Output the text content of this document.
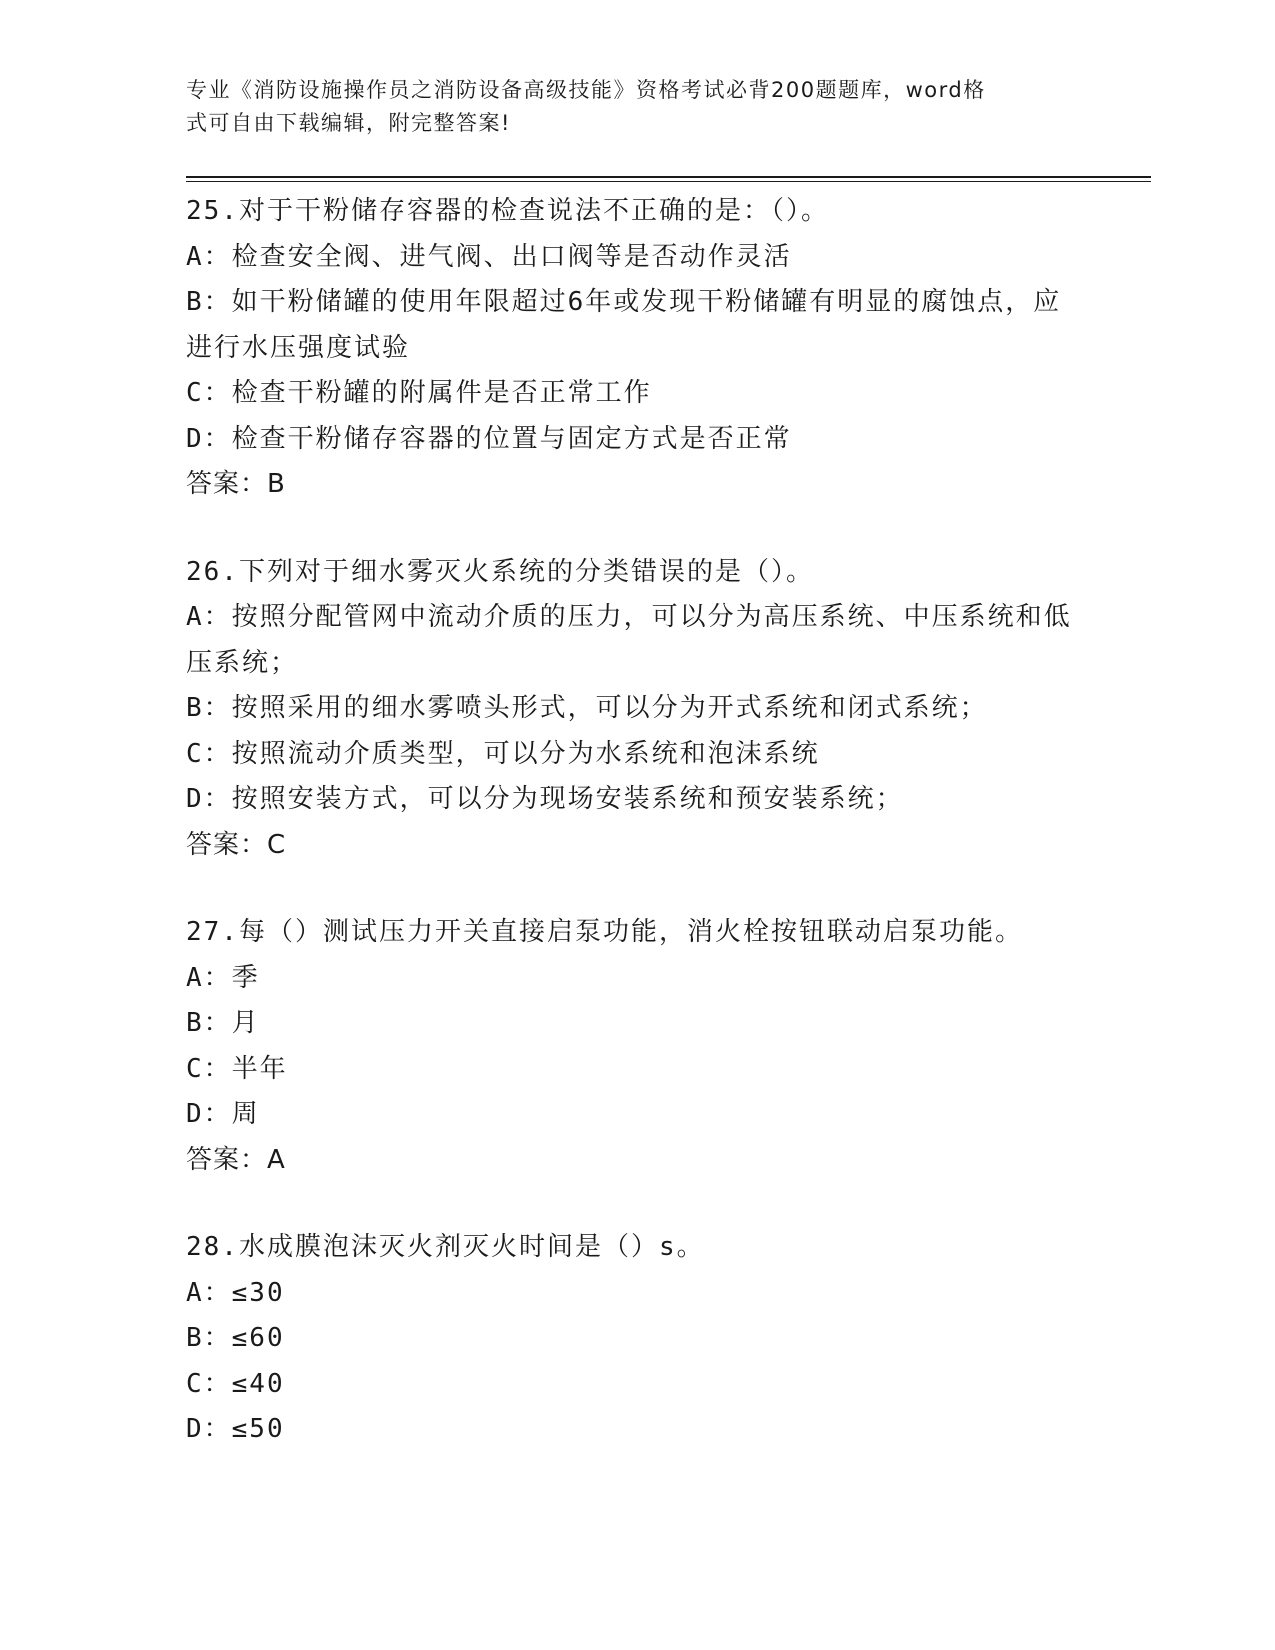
专业《消防设施操作员之消防设备高级技能》资格考试必背200题题库，word格
式可自由下载编辑，附完整答案!
25.对于干粉储存容器的检查说法不正确的是：（）。
A：检查安全阀、进气阀、出口阀等是否动作灵活
B：如干粉储罐的使用年限超过6年或发现干粉储罐有明显的腐蚀点，应进行水压强度试验
C：检查干粉罐的附属件是否正常工作
D：检查干粉储存容器的位置与固定方式是否正常
答案：B
26.下列对于细水雾灭火系统的分类错误的是（）。
A：按照分配管网中流动介质的压力，可以分为高压系统、中压系统和低压系统；
B：按照采用的细水雾喷头形式，可以分为开式系统和闭式系统；
C：按照流动介质类型，可以分为水系统和泡沫系统
D：按照安装方式，可以分为现场安装系统和预安装系统；
答案：C
27.每（）测试压力开关直接启泵功能，消火栓按钮联动启泵功能。
A：季
B：月
C：半年
D：周
答案：A
28.水成膜泡沫灭火剂灭火时间是（）s。
A：≤30
B：≤60
C：≤40
D：≤50
